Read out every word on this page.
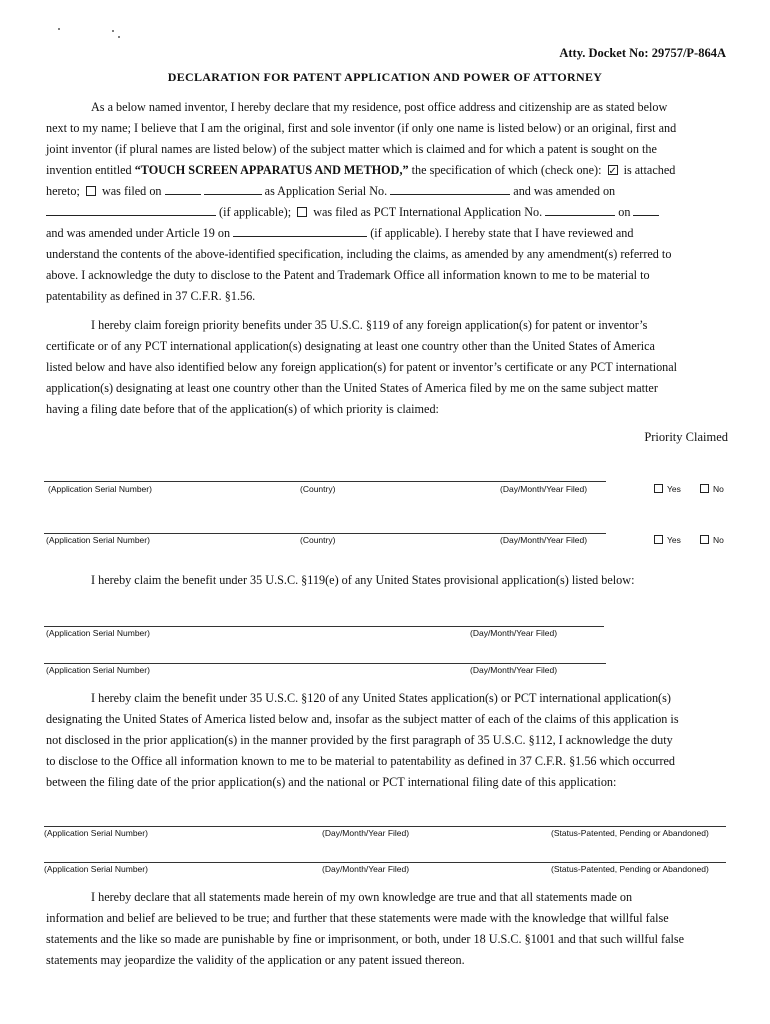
Atty. Docket No: 29757/P-864A
DECLARATION FOR PATENT APPLICATION AND POWER OF ATTORNEY
As a below named inventor, I hereby declare that my residence, post office address and citizenship are as stated below
next to my name; I believe that I am the original, first and sole inventor (if only one name is listed below) or an original, first and
joint inventor (if plural names are listed below) of the subject matter which is claimed and for which a patent is sought on the
invention entitled “TOUCH SCREEN APPARATUS AND METHOD,” the specification of which (check one): ✓ is attached
hereto; was filed on	as Application Serial No.	and was amended on
(if applicable); was filed as PCT International Application No.	on
and was amended under Article 19 on	(if applicable). I hereby state that I have reviewed and
understand the contents of the above-identified specification, including the claims, as amended by any amendment(s) referred to
above. I acknowledge the duty to disclose to the Patent and Trademark Office all information known to me to be material to
patentability as defined in 37 C.F.R. §1.56.
I hereby claim foreign priority benefits under 35 U.S.C. §119 of any foreign application(s) for patent or inventor’s
certificate or of any PCT international application(s) designating at least one country other than the United States of America
listed below and have also identified below any foreign application(s) for patent or inventor’s certificate or any PCT international
application(s) designating at least one country other than the United States of America filed by me on the same subject matter
having a filing date before that of the application(s) of which priority is claimed:
Priority Claimed
(Application Serial Number)	(Country)	(Day/Month/Year Filed)	Yes	No
(Application Serial Number)	(Country)	(Day/Month/Year Filed)	Yes	No
I hereby claim the benefit under 35 U.S.C. §119(e) of any United States provisional application(s) listed below:
(Application Serial Number)	(Day/Month/Year Filed)
(Application Serial Number)	(Day/Month/Year Filed)
I hereby claim the benefit under 35 U.S.C. §120 of any United States application(s) or PCT international application(s)
designating the United States of America listed below and, insofar as the subject matter of each of the claims of this application is
not disclosed in the prior application(s) in the manner provided by the first paragraph of 35 U.S.C. §112, I acknowledge the duty
to disclose to the Office all information known to me to be material to patentability as defined in 37 C.F.R. §1.56 which occurred
between the filing date of the prior application(s) and the national or PCT international filing date of this application:
(Application Serial Number)	(Day/Month/Year Filed)	(Status-Patented, Pending or Abandoned)
(Application Serial Number)	(Day/Month/Year Filed)	(Status-Patented, Pending or Abandoned)
I hereby declare that all statements made herein of my own knowledge are true and that all statements made on
information and belief are believed to be true; and further that these statements were made with the knowledge that willful false
statements and the like so made are punishable by fine or imprisonment, or both, under 18 U.S.C. §1001 and that such willful false
statements may jeopardize the validity of the application or any patent issued thereon.
